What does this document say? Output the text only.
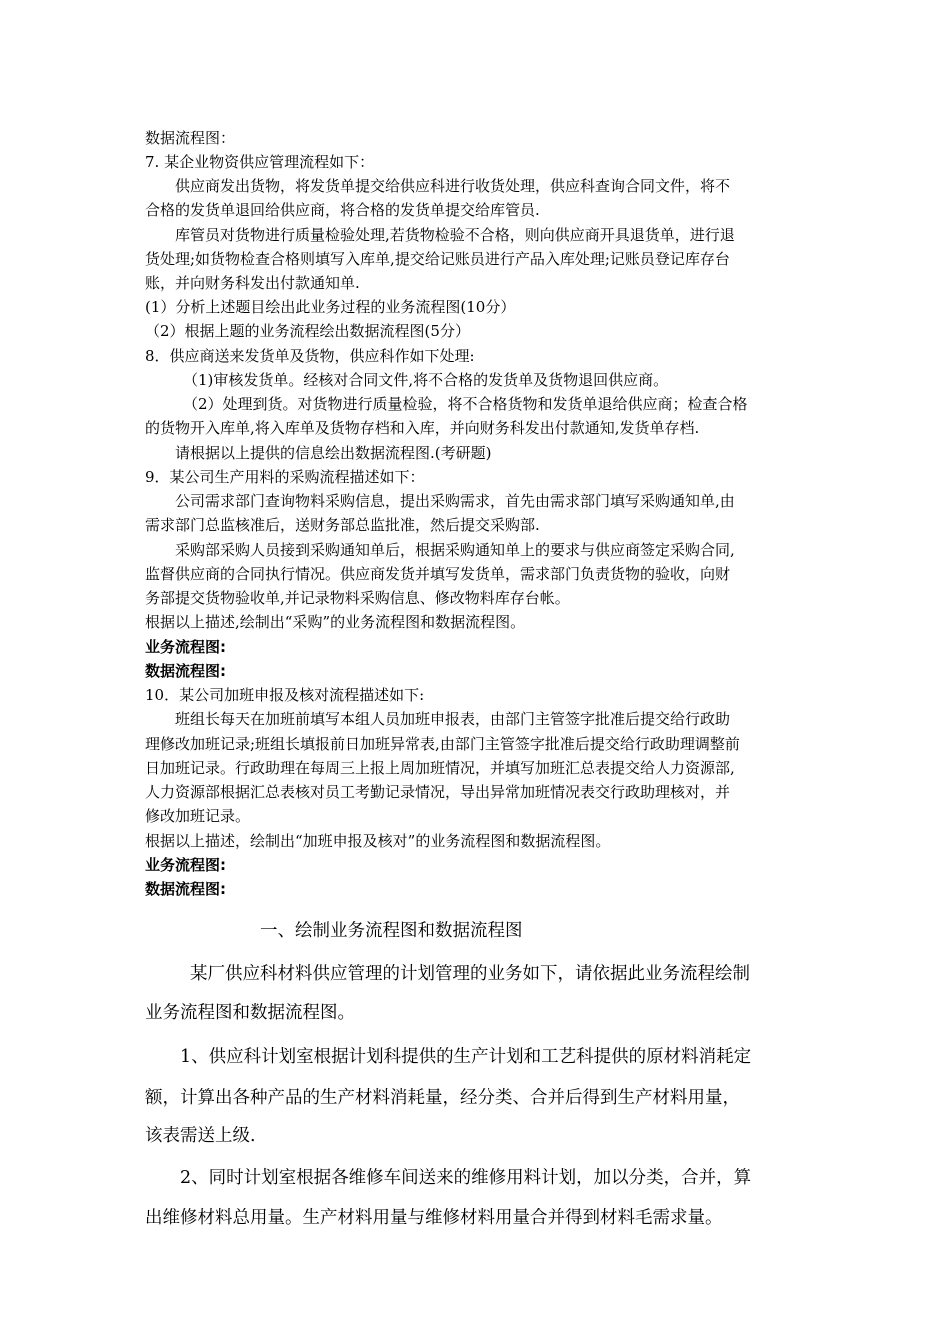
数据流程图：
7. 某企业物资供应管理流程如下：
供应商发出货物，将发货单提交给供应科进行收货处理，供应科查询合同文件，将不
合格的发货单退回给供应商，将合格的发货单提交给库管员.
库管员对货物进行质量检验处理,若货物检验不合格，则向供应商开具退货单，进行退
货处理;如货物检查合格则填写入库单,提交给记账员进行产品入库处理;记账员登记库存台
账，并向财务科发出付款通知单.
(1）分析上述题目绘出此业务过程的业务流程图(10分）
（2）根据上题的业务流程绘出数据流程图(5分）
8．供应商送来发货单及货物，供应科作如下处理:
（1)审核发货单。经核对合同文件,将不合格的发货单及货物退回供应商。
（2）处理到货。对货物进行质量检验，将不合格货物和发货单退给供应商；检查合格
的货物开入库单,将入库单及货物存档和入库，并向财务科发出付款通知,发货单存档.
请根据以上提供的信息绘出数据流程图.(考研题)
9．某公司生产用料的采购流程描述如下：
公司需求部门查询物料采购信息，提出采购需求，首先由需求部门填写采购通知单,由
需求部门总监核准后，送财务部总监批准，然后提交采购部.
采购部采购人员接到采购通知单后，根据采购通知单上的要求与供应商签定采购合同,
监督供应商的合同执行情况。供应商发货并填写发货单，需求部门负责货物的验收，向财
务部提交货物验收单,并记录物料采购信息、修改物料库存台帐。
根据以上描述,绘制出“采购”的业务流程图和数据流程图。
业务流程图:
数据流程图:
10．某公司加班申报及核对流程描述如下:
班组长每天在加班前填写本组人员加班申报表，由部门主管签字批准后提交给行政助
理修改加班记录;班组长填报前日加班异常表,由部门主管签字批准后提交给行政助理调整前
日加班记录。行政助理在每周三上报上周加班情况，并填写加班汇总表提交给人力资源部,
人力资源部根据汇总表核对员工考勤记录情况，导出异常加班情况表交行政助理核对，并
修改加班记录。
根据以上描述，绘制出“加班申报及核对”的业务流程图和数据流程图。
业务流程图:
数据流程图:
一、绘制业务流程图和数据流程图
某厂供应科材料供应管理的计划管理的业务如下，请依据此业务流程绘制
业务流程图和数据流程图。
1、供应科计划室根据计划科提供的生产计划和工艺科提供的原材料消耗定
额，计算出各种产品的生产材料消耗量，经分类、合并后得到生产材料用量，
该表需送上级.
2、同时计划室根据各维修车间送来的维修用料计划，加以分类，合并，算
出维修材料总用量。生产材料用量与维修材料用量合并得到材料毛需求量。
